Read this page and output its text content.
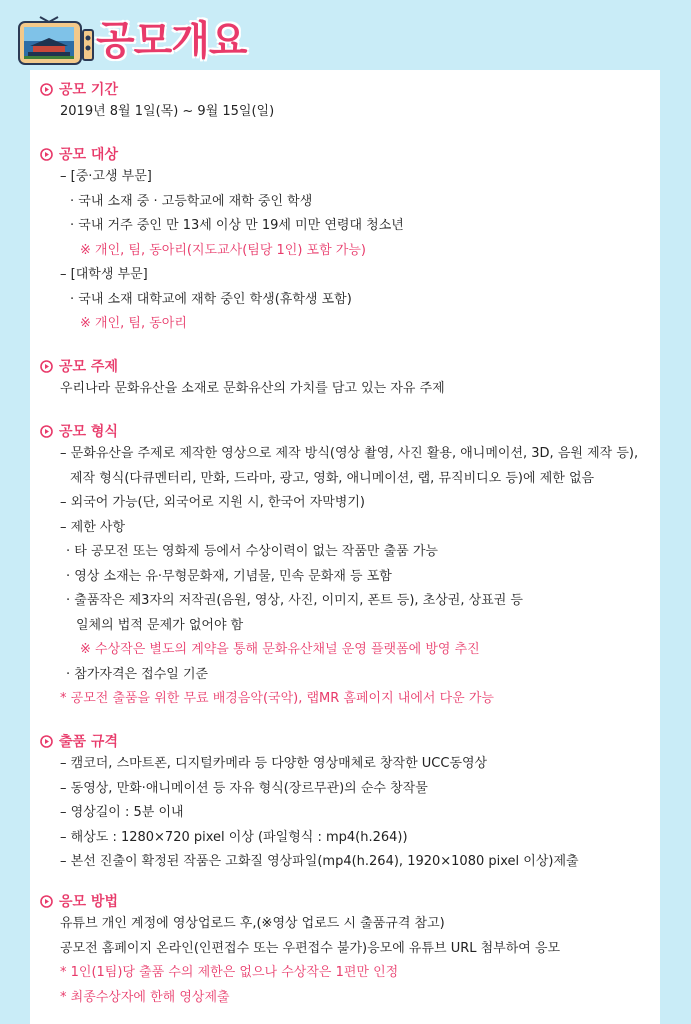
공모개요
공모 기간
2019년 8월 1일(목) ~ 9월 15일(일)
공모 대상
– [중·고생 부문]
· 국내 소재 중 · 고등학교에 재학 중인 학생
· 국내 거주 중인 만 13세 이상 만 19세 미만 연령대 청소년
※ 개인, 팀, 동아리(지도교사(팀당 1인) 포함 가능)
– [대학생 부문]
· 국내 소재 대학교에 재학 중인 학생(휴학생 포함)
※ 개인, 팀, 동아리
공모 주제
우리나라 문화유산을 소재로 문화유산의 가치를 담고 있는 자유 주제
공모 형식
– 문화유산을 주제로 제작한 영상으로 제작 방식(영상 촬영, 사진 활용, 애니메이션, 3D, 음원 제작 등),
제작 형식(다큐멘터리, 만화, 드라마, 광고, 영화, 애니메이션, 랩, 뮤직비디오 등)에 제한 없음
– 외국어 가능(단, 외국어로 지원 시, 한국어 자막병기)
– 제한 사항
· 타 공모전 또는 영화제 등에서 수상이력이 없는 작품만 출품 가능
· 영상 소재는 유·무형문화재, 기념물, 민속 문화재 등 포함
· 출품작은 제3자의 저작권(음원, 영상, 사진, 이미지, 폰트 등), 초상권, 상표권 등
일체의 법적 문제가 없어야 함
※ 수상작은 별도의 계약을 통해 문화유산채널 운영 플랫폼에 방영 추진
· 참가자격은 접수일 기준
* 공모전 출품을 위한 무료 배경음악(국악), 랩MR 홈페이지 내에서 다운 가능
출품 규격
– 캠코더, 스마트폰, 디지털카메라 등 다양한 영상매체로 창작한 UCC동영상
– 동영상, 만화·애니메이션 등 자유 형식(장르무관)의 순수 창작물
– 영상길이 : 5분 이내
– 해상도 : 1280×720 pixel 이상 (파일형식 : mp4(h.264))
– 본선 진출이 확정된 작품은 고화질 영상파일(mp4(h.264), 1920×1080 pixel 이상)제출
응모 방법
유튜브 개인 계정에 영상업로드 후,(※영상 업로드 시 출품규격 참고)
공모전 홈페이지 온라인(인편접수 또는 우편접수 불가)응모에 유튜브 URL 첨부하여 응모
* 1인(1팀)당 출품 수의 제한은 없으나 수상작은 1편만 인정
* 최종수상자에 한해 영상제출
